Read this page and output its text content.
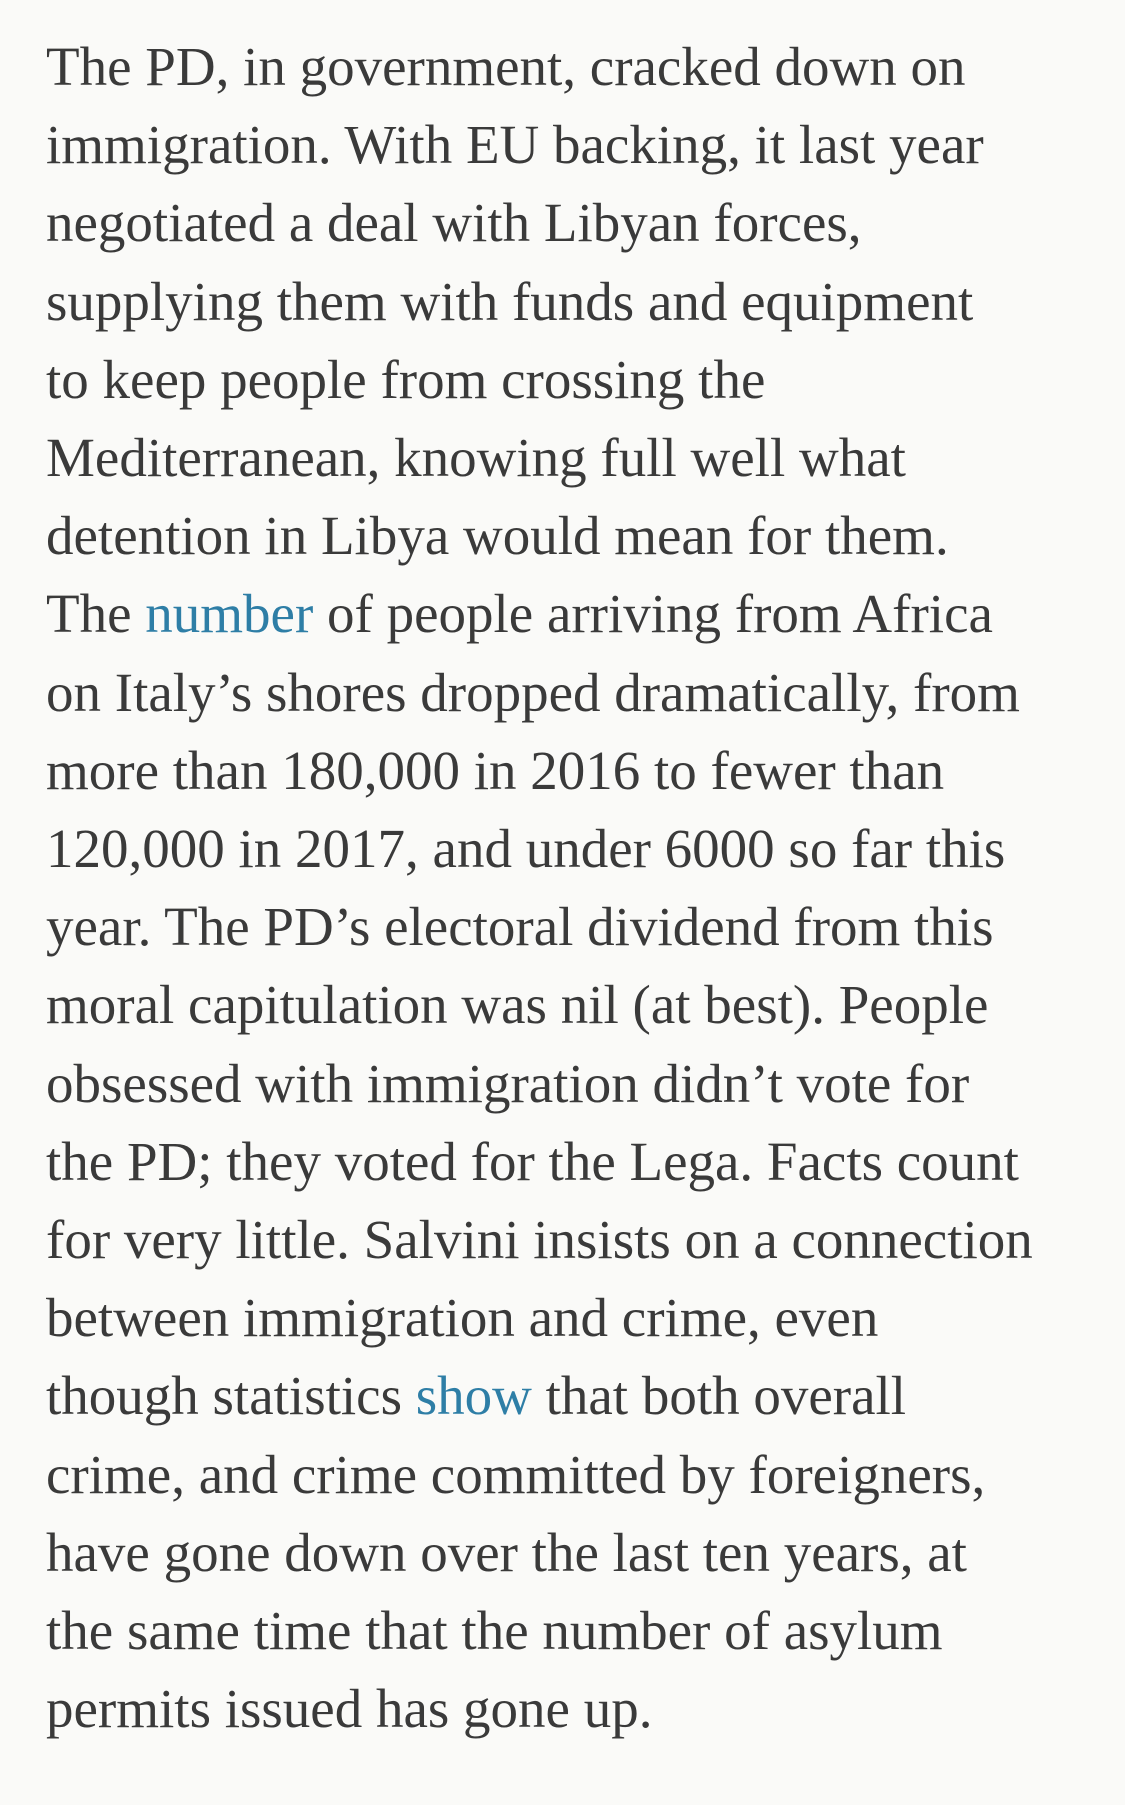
The PD, in government, cracked down on
immigration. With EU backing, it last year
negotiated a deal with Libyan forces,
supplying them with funds and equipment
to keep people from crossing the
Mediterranean, knowing full well what
detention in Libya would mean for them.
The number of people arriving from Africa
on Italy’s shores dropped dramatically, from
more than 180,000 in 2016 to fewer than
120,000 in 2017, and under 6000 so far this
year. The PD’s electoral dividend from this
moral capitulation was nil (at best). People
obsessed with immigration didn’t vote for
the PD; they voted for the Lega. Facts count
for very little. Salvini insists on a connection
between immigration and crime, even
though statistics show that both overall
crime, and crime committed by foreigners,
have gone down over the last ten years, at
the same time that the number of asylum
permits issued has gone up.
